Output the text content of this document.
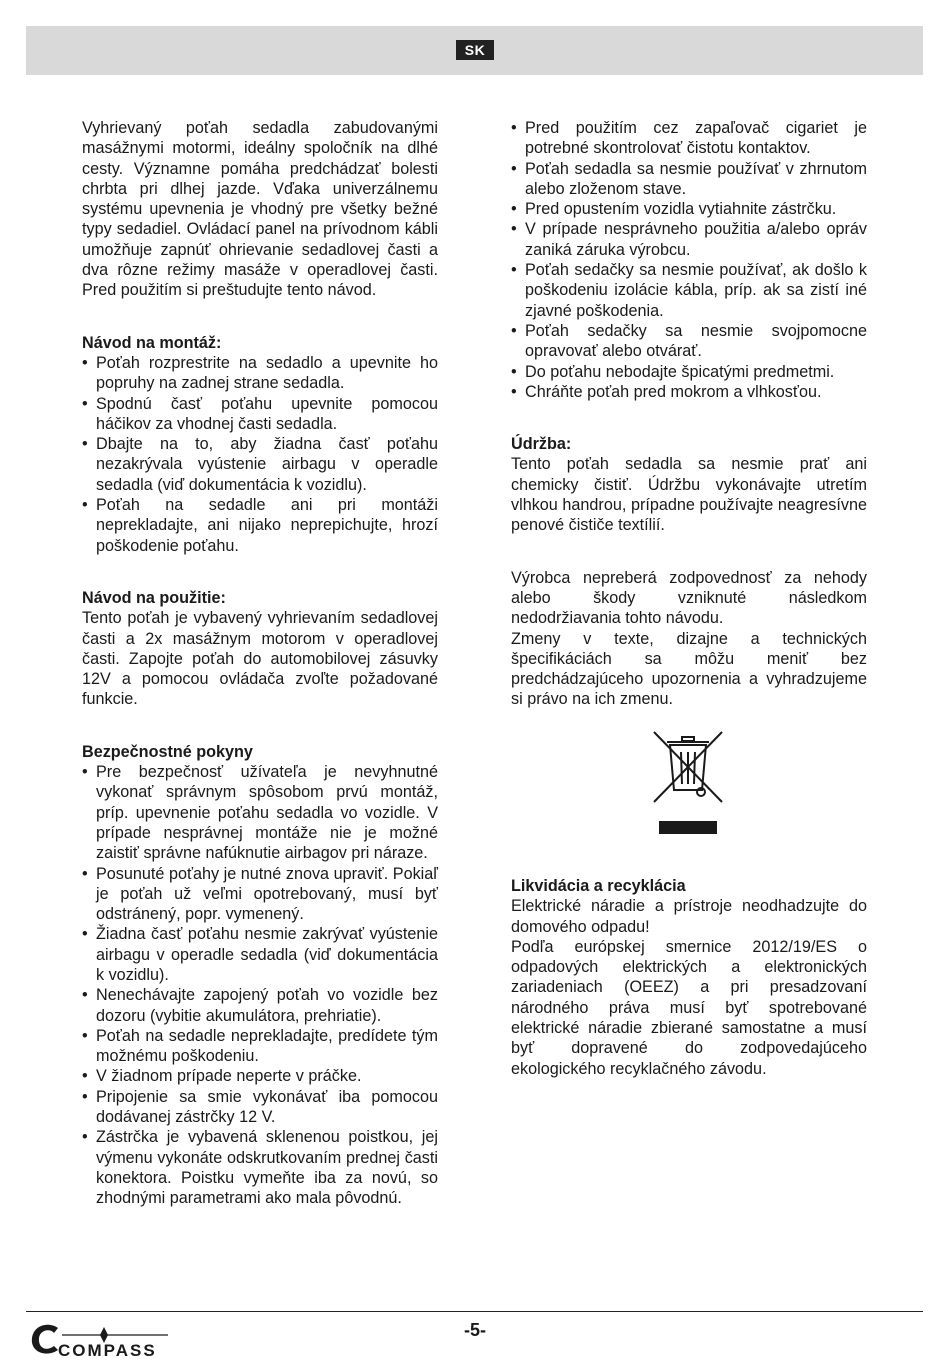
SK

Vyhrievaný poťah sedadla zabudovanými masážnymi motormi, ideálny spoločník na dlhé cesty. Významne pomáha predchádzať bolesti chrbta pri dlhej jazde. Vďaka univerzálnemu systému upevnenia je vhodný pre všetky bežné typy sedadiel. Ovládací panel na prívodnom kábli umožňuje zapnúť ohrievanie sedadlovej časti a dva rôzne režimy masáže v operadlovej časti. Pred použitím si preštudujte tento návod.

Návod na montáž:
• Poťah rozprestrite na sedadlo a upevnite ho popruhy na zadnej strane sedadla.
• Spodnú časť poťahu upevnite pomocou háčikov za vhodnej časti sedadla.
• Dbajte na to, aby žiadna časť poťahu nezakrývala vyústenie airbagu v operadle sedadla (viď dokumentácia k vozidlu).
• Poťah na sedadle ani pri montáži neprekladajte, ani nijako neprepichujte, hrozí poškodenie poťahu.
Návod na použitie:

Tento poťah je vybavený vyhrievaním sedadlovej časti a 2x masážnym motorom v operadlovej časti. Zapojte poťah do automobilovej zásuvky 12V a pomocou ovládača zvoľte požadované funkcie.

Bezpečnostné pokyny
• Pre bezpečnosť užívateľa je nevyhnutné vykonať správnym spôsobom prvú montáž, príp. upevnenie poťahu sedadla vo vozidle. V prípade nesprávnej montáže nie je možné zaistiť správne nafúknutie airbagov pri náraze.
• Posunuté poťahy je nutné znova upraviť. Pokiaľ je poťah už veľmi opotrebovaný, musí byť odstránený, popr. vymenený.
• Žiadna časť poťahu nesmie zakrývať vyústenie airbagu v operadle sedadla (viď dokumentácia k vozidlu).
• Nenechávajte zapojený poťah vo vozidle bez dozoru (vybitie akumulátora, prehriatie).
• Poťah na sedadle neprekladajte, predídete tým možnému poškodeniu.
• V žiadnom prípade neperte v práčke.
• Pripojenie sa smie vykonávať iba pomocou dodávanej zástrčky 12 V.
• Zástrčka je vybavená sklenenou poistkou, jej výmenu vykonáte odskrutkovaním prednej časti konektora. Poistku vymeňte iba za novú, so zhodnými parametrami ako mala pôvodnú.
• Pred použitím cez zapaľovač cigariet je potrebné skontrolovať čistotu kontaktov.
• Poťah sedadla sa nesmie používať v zhrnutom alebo zloženom stave.
• Pred opustením vozidla vytiahnite zástrčku.
• V prípade nesprávneho použitia a/alebo opráv zaniká záruka výrobcu.
• Poťah sedačky sa nesmie používať, ak došlo k poškodeniu izolácie kábla, príp. ak sa zistí iné zjavné poškodenia.
• Poťah sedačky sa nesmie svojpomocne opravovať alebo otvárať.
• Do poťahu nebodajte špicatými predmetmi.
• Chráňte poťah pred mokrom a vlhkosťou.
Údržba:

Tento poťah sedadla sa nesmie prať ani chemicky čistiť. Údržbu vykonávajte utretím vlhkou handrou, prípadne používajte neagresívne penové čističe textílií.

Výrobca nepreberá zodpovednosť za nehody alebo škody vzniknuté následkom nedodržiavania tohto návodu.

Zmeny v texte, dizajne a technických špecifikáciách sa môžu meniť bez predchádzajúceho upozornenia a vyhradzujeme si právo na ich zmenu.

Likvidácia a recyklácia

Elektrické náradie a prístroje neodhadzujte do domového odpadu!

Podľa európskej smernice 2012/19/ES o odpadových elektrických a elektronických zariadeniach (OEEZ) a pri presadzovaní národného práva musí byť spotrebované elektrické náradie zbierané samostatne a musí byť dopravené do zodpovedajúceho ekologického recyklačného závodu.

-5-
COMPASS
